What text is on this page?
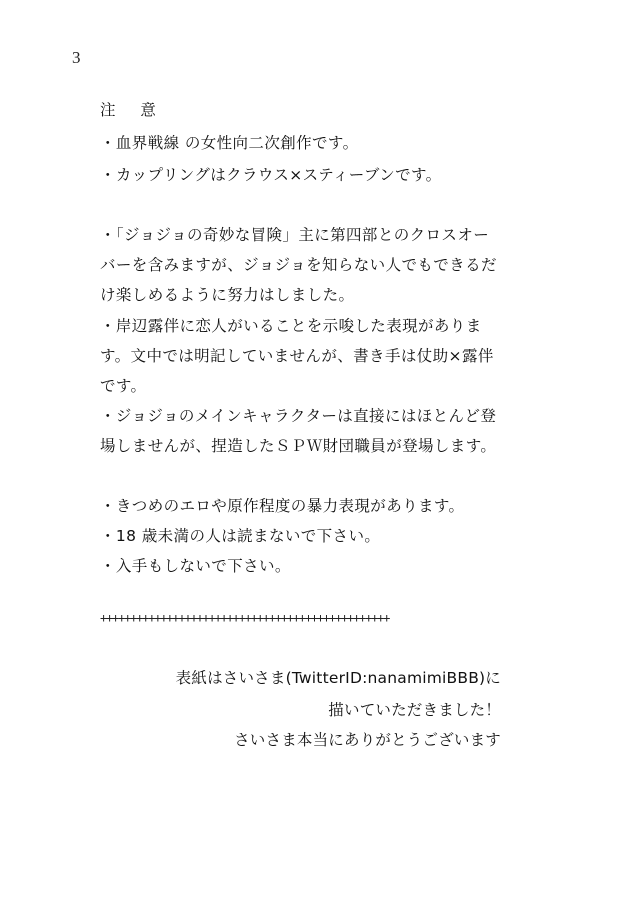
3
注 意
・血界戦線 の女性向二次創作です。
・カップリングはクラウス×スティーブンです。
・「ジョジョの奇妙な冒険」主に第四部とのクロスオー
バーを含みますが、ジョジョを知らない人でもできるだ
け楽しめるように努力はしました。
・岸辺露伴に恋人がいることを示唆した表現がありま
す。文中では明記していませんが、書き手は仗助×露伴
です。
・ジョジョのメインキャラクターは直接にはほとんど登
場しませんが、捏造したＳＰＷ財団職員が登場します。
・きつめのエロや原作程度の暴力表現があります。
・18 歳未満の人は読まないで下さい。
・入手もしないで下さい。
++++++++++++++++++++++++++++++++++++++++++++++++
表紙はさいさま(TwitterID:nanamimiBBB)に
描いていただきました！
さいさま本当にありがとうございます
